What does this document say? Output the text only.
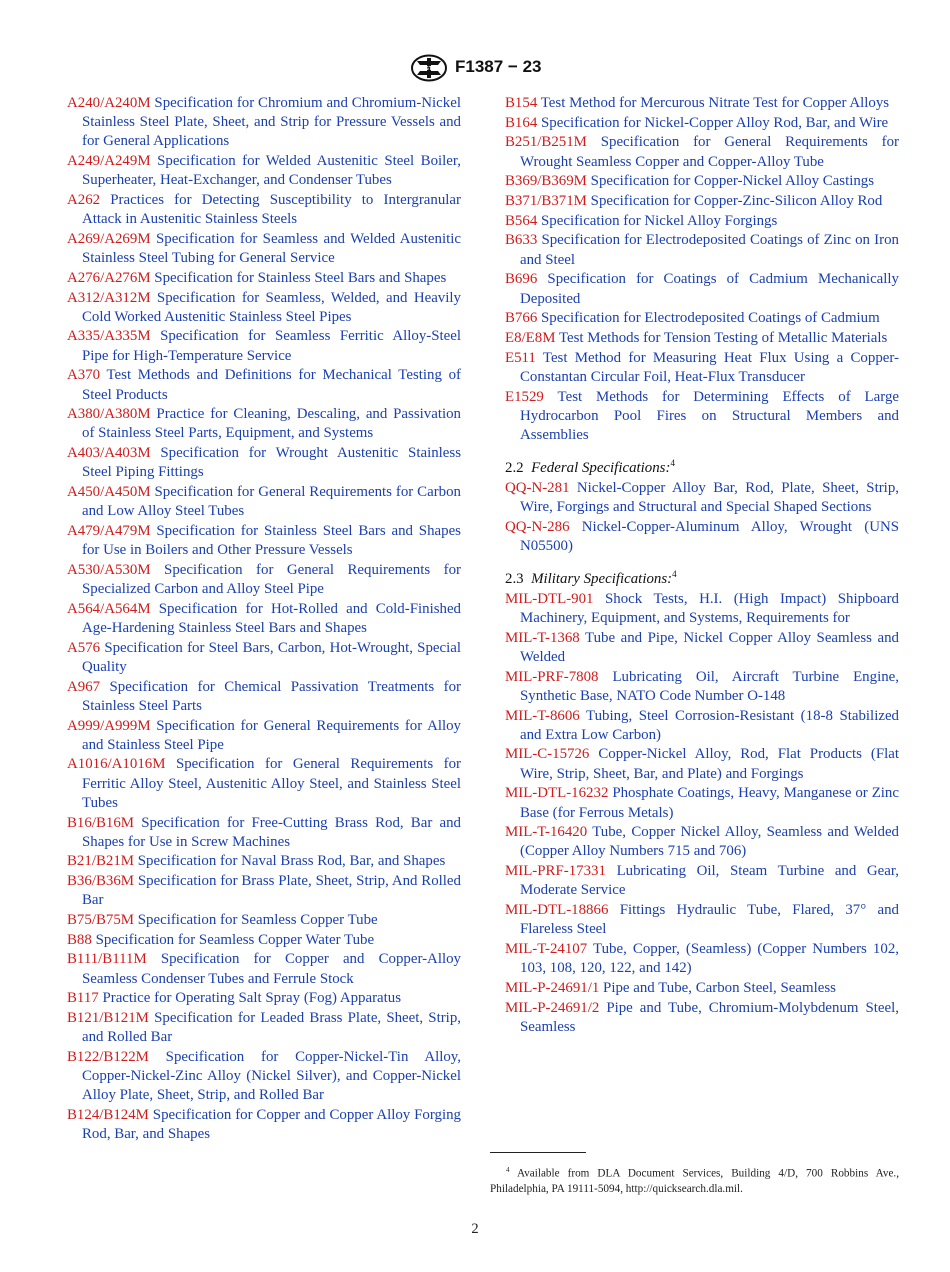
ASTM F1387 − 23

A240/A240M Specification for Chromium and Chromium-Nickel Stainless Steel Plate, Sheet, and Strip for Pressure Vessels and for General Applications

A249/A249M Specification for Welded Austenitic Steel Boiler, Superheater, Heat-Exchanger, and Condenser Tubes

A262 Practices for Detecting Susceptibility to Intergranular Attack in Austenitic Stainless Steels

A269/A269M Specification for Seamless and Welded Austenitic Stainless Steel Tubing for General Service

A276/A276M Specification for Stainless Steel Bars and Shapes

A312/A312M Specification for Seamless, Welded, and Heavily Cold Worked Austenitic Stainless Steel Pipes

A335/A335M Specification for Seamless Ferritic Alloy-Steel Pipe for High-Temperature Service

A370 Test Methods and Definitions for Mechanical Testing of Steel Products

A380/A380M Practice for Cleaning, Descaling, and Passivation of Stainless Steel Parts, Equipment, and Systems

A403/A403M Specification for Wrought Austenitic Stainless Steel Piping Fittings

A450/A450M Specification for General Requirements for Carbon and Low Alloy Steel Tubes

A479/A479M Specification for Stainless Steel Bars and Shapes for Use in Boilers and Other Pressure Vessels

A530/A530M Specification for General Requirements for Specialized Carbon and Alloy Steel Pipe

A564/A564M Specification for Hot-Rolled and Cold-Finished Age-Hardening Stainless Steel Bars and Shapes

A576 Specification for Steel Bars, Carbon, Hot-Wrought, Special Quality

A967 Specification for Chemical Passivation Treatments for Stainless Steel Parts

A999/A999M Specification for General Requirements for Alloy and Stainless Steel Pipe

A1016/A1016M Specification for General Requirements for Ferritic Alloy Steel, Austenitic Alloy Steel, and Stainless Steel Tubes

B16/B16M Specification for Free-Cutting Brass Rod, Bar and Shapes for Use in Screw Machines

B21/B21M Specification for Naval Brass Rod, Bar, and Shapes

B36/B36M Specification for Brass Plate, Sheet, Strip, And Rolled Bar

B75/B75M Specification for Seamless Copper Tube

B88 Specification for Seamless Copper Water Tube

B111/B111M Specification for Copper and Copper-Alloy Seamless Condenser Tubes and Ferrule Stock

B117 Practice for Operating Salt Spray (Fog) Apparatus

B121/B121M Specification for Leaded Brass Plate, Sheet, Strip, and Rolled Bar

B122/B122M Specification for Copper-Nickel-Tin Alloy, Copper-Nickel-Zinc Alloy (Nickel Silver), and Copper-Nickel Alloy Plate, Sheet, Strip, and Rolled Bar

B124/B124M Specification for Copper and Copper Alloy Forging Rod, Bar, and Shapes

B154 Test Method for Mercurous Nitrate Test for Copper Alloys

B164 Specification for Nickel-Copper Alloy Rod, Bar, and Wire

B251/B251M Specification for General Requirements for Wrought Seamless Copper and Copper-Alloy Tube

B369/B369M Specification for Copper-Nickel Alloy Castings

B371/B371M Specification for Copper-Zinc-Silicon Alloy Rod

B564 Specification for Nickel Alloy Forgings

B633 Specification for Electrodeposited Coatings of Zinc on Iron and Steel

B696 Specification for Coatings of Cadmium Mechanically Deposited

B766 Specification for Electrodeposited Coatings of Cadmium

E8/E8M Test Methods for Tension Testing of Metallic Materials

E511 Test Method for Measuring Heat Flux Using a Copper-Constantan Circular Foil, Heat-Flux Transducer

E1529 Test Methods for Determining Effects of Large Hydrocarbon Pool Fires on Structural Members and Assemblies

2.2 Federal Specifications:$^4$

QQ-N-281 Nickel-Copper Alloy Bar, Rod, Plate, Sheet, Strip, Wire, Forgings and Structural and Special Shaped Sections

QQ-N-286 Nickel-Copper-Aluminum Alloy, Wrought (UNS N05500)

2.3 Military Specifications:$^4$

MIL-DTL-901 Shock Tests, H.I. (High Impact) Shipboard Machinery, Equipment, and Systems, Requirements for

MIL-T-1368 Tube and Pipe, Nickel Copper Alloy Seamless and Welded

MIL-PRF-7808 Lubricating Oil, Aircraft Turbine Engine, Synthetic Base, NATO Code Number O-148

MIL-T-8606 Tubing, Steel Corrosion-Resistant (18-8 Stabilized and Extra Low Carbon)

MIL-C-15726 Copper-Nickel Alloy, Rod, Flat Products (Flat Wire, Strip, Sheet, Bar, and Plate) and Forgings

MIL-DTL-16232 Phosphate Coatings, Heavy, Manganese or Zinc Base (for Ferrous Metals)

MIL-T-16420 Tube, Copper Nickel Alloy, Seamless and Welded (Copper Alloy Numbers 715 and 706)

MIL-PRF-17331 Lubricating Oil, Steam Turbine and Gear, Moderate Service

MIL-DTL-18866 Fittings Hydraulic Tube, Flared, 37° and Flareless Steel

MIL-T-24107 Tube, Copper, (Seamless) (Copper Numbers 102, 103, 108, 120, 122, and 142)

MIL-P-24691/1 Pipe and Tube, Carbon Steel, Seamless

MIL-P-24691/2 Pipe and Tube, Chromium-Molybdenum Steel, Seamless

$^4$ Available from DLA Document Services, Building 4/D, 700 Robbins Ave., Philadelphia, PA 19111-5094, http://quicksearch.dla.mil.
2
